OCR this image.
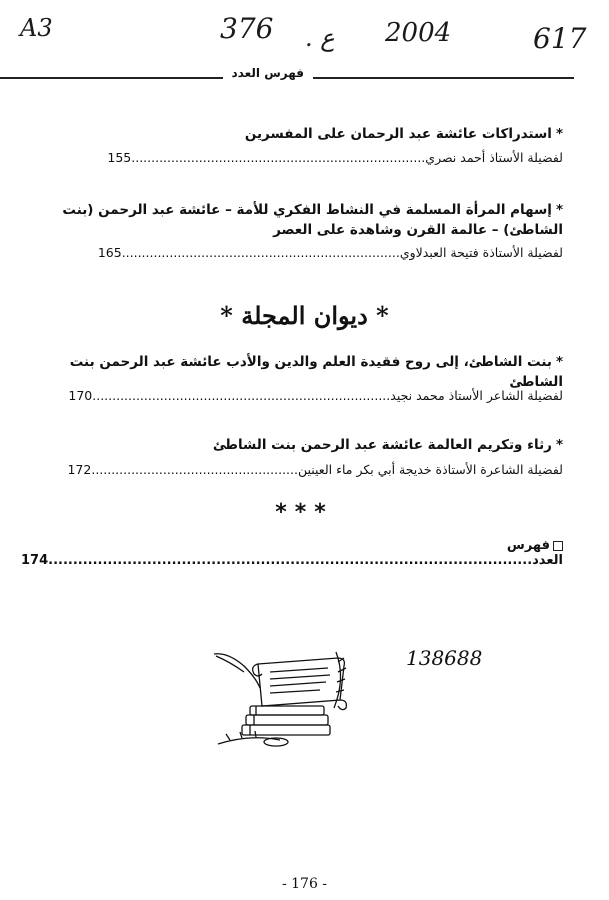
A3	376 . ع 2004	617
فهرس العدد
*استدراكات عائشة عبد الرحمان على المفسرين
لفضيلة الأستاذ أحمد نصري..........................................................................155
*إسهام المرأة المسلمة في النشاط الفكري للأمة – عائشة عبد الرحمن (بنت الشاطئ) – عالمة القرن وشاهدة على العصر
لفضيلة الأستاذة فتيحة العبدلاوي......................................................................165
* ديوان المجلة *
*بنت الشاطئ، إلى روح فقيدة العلم والدين والأدب عائشة عبد الرحمن بنت الشاطئ
لفضيلة الشاعر الأستاذ محمد نجيد...........................................................................170
*رثاء وتكريم العالمة عائشة عبد الرحمن بنت الشاطئ
لفضيلة الشاعرة الأستاذة خديجة أبي بكر ماء العينين....................................................172
***
فهرس العدد..................................................................................................174
138688
- 176 -
